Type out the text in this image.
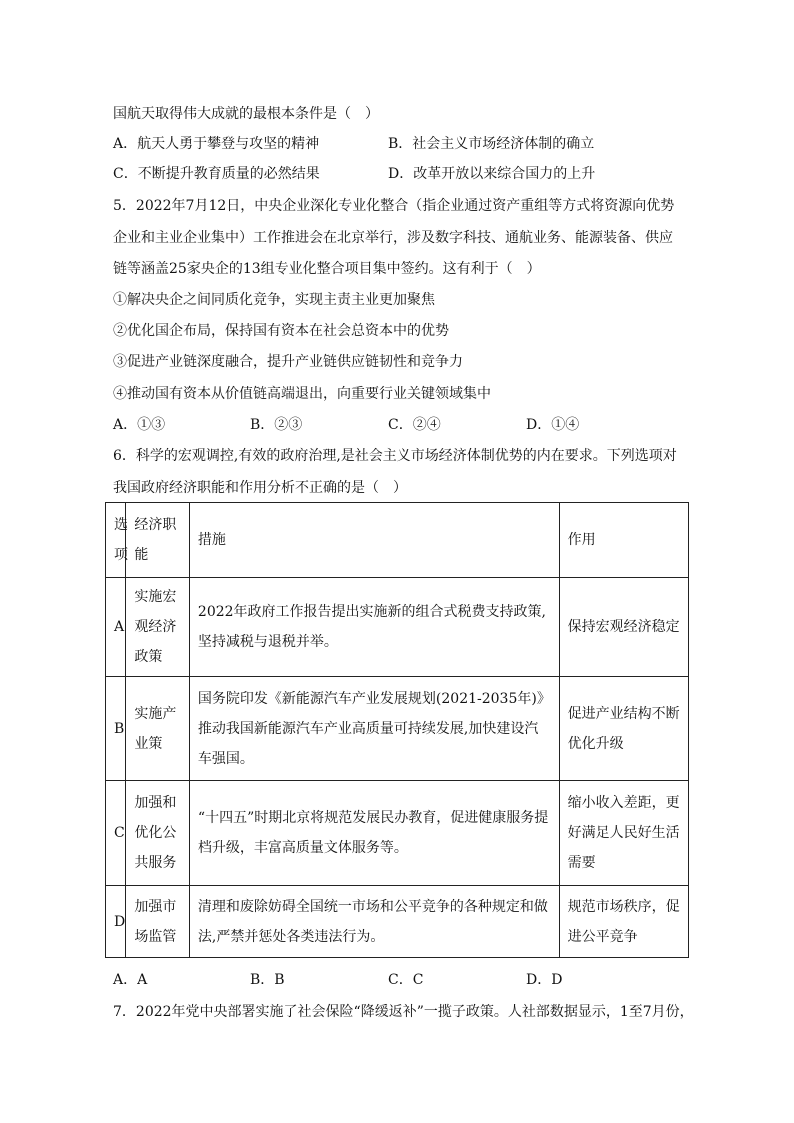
国航天取得伟大成就的最根本条件是（　）
A．航天人勇于攀登与攻坚的精神	B．社会主义市场经济体制的确立
C．不断提升教育质量的必然结果	D．改革开放以来综合国力的上升
5．2022年7月12日，中央企业深化专业化整合（指企业通过资产重组等方式将资源向优势
企业和主业企业集中）工作推进会在北京举行，涉及数字科技、通航业务、能源装备、供应
链等涵盖25家央企的13组专业化整合项目集中签约。这有利于（　）
①解决央企之间同质化竞争，实现主责主业更加聚焦
②优化国企布局，保持国有资本在社会总资本中的优势
③促进产业链深度融合，提升产业链供应链韧性和竞争力
④推动国有资本从价值链高端退出，向重要行业关键领域集中
A．①③	B．②③	C．②④	D．①④
6．科学的宏观调控,有效的政府治理,是社会主义市场经济体制优势的内在要求。下列选项对
我国政府经济职能和作用分析不正确的是（　）
选项	经济职能	措施	作用
A	实施宏观经济政策	2022年政府工作报告提出实施新的组合式税费支持政策,坚持减税与退税并举。	保持宏观经济稳定
B	实施产业策	国务院印发《新能源汽车产业发展规划(2021-2035年)》推动我国新能源汽车产业高质量可持续发展,加快建设汽车强国。	促进产业结构不断优化升级
C	加强和优化公共服务	“十四五”时期北京将规范发展民办教育，促进健康服务提档升级，丰富高质量文体服务等。	缩小收入差距，更好满足人民好生活需要
D	加强市场监管	清理和废除妨碍全国统一市场和公平竞争的各种规定和做法,严禁并惩处各类违法行为。	规范市场秩序，促进公平竞争
A．A	B．B	C．C	D．D
7．2022年党中央部署实施了社会保险“降缓返补”一揽子政策。人社部数据显示，1至7月份，
